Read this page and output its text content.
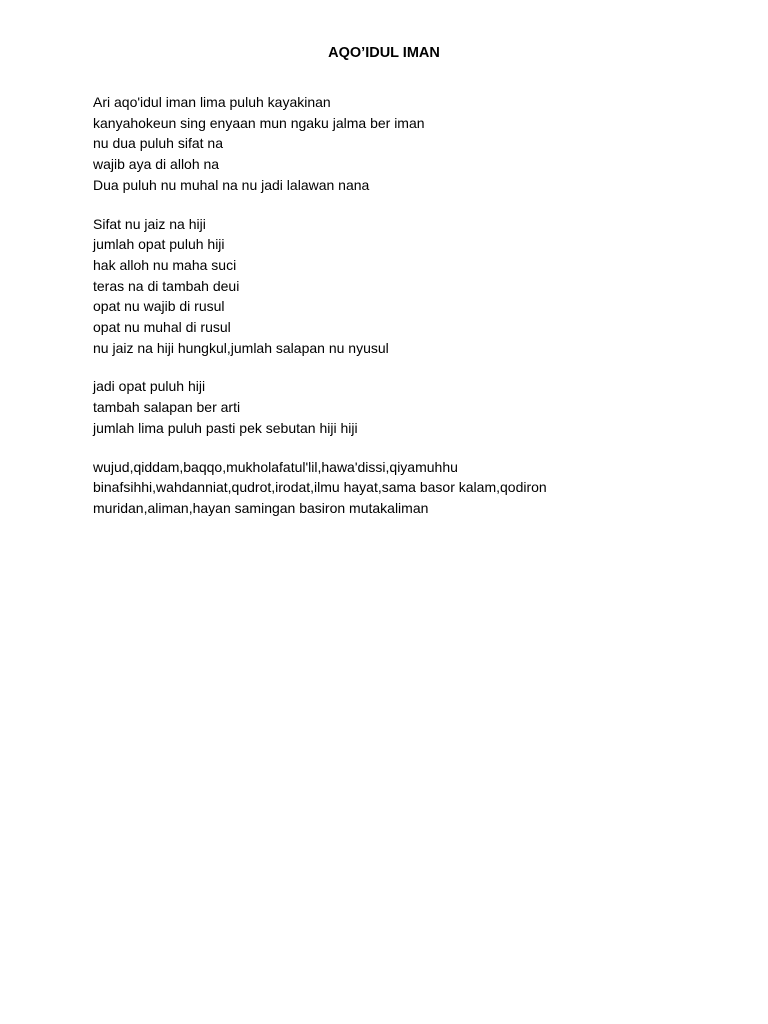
AQO’IDUL IMAN
Ari aqo'idul iman lima puluh kayakinan
kanyahokeun sing enyaan mun ngaku jalma ber iman
nu dua puluh sifat na
wajib aya di alloh na
Dua puluh nu muhal na nu jadi lalawan nana
Sifat nu jaiz na hiji
jumlah opat puluh hiji
hak alloh nu maha suci
teras na di tambah deui
opat nu wajib di rusul
opat nu muhal di rusul
nu jaiz na hiji hungkul,jumlah salapan nu nyusul
jadi opat puluh hiji
tambah salapan ber arti
jumlah lima puluh pasti pek sebutan hiji hiji
wujud,qiddam,baqqo,mukholafatul'lil,hawa'dissi,qiyamuhhu
binafsihhi,wahdanniat,qudrot,irodat,ilmu hayat,sama basor kalam,qodiron
muridan,aliman,hayan samingan basiron mutakaliman
